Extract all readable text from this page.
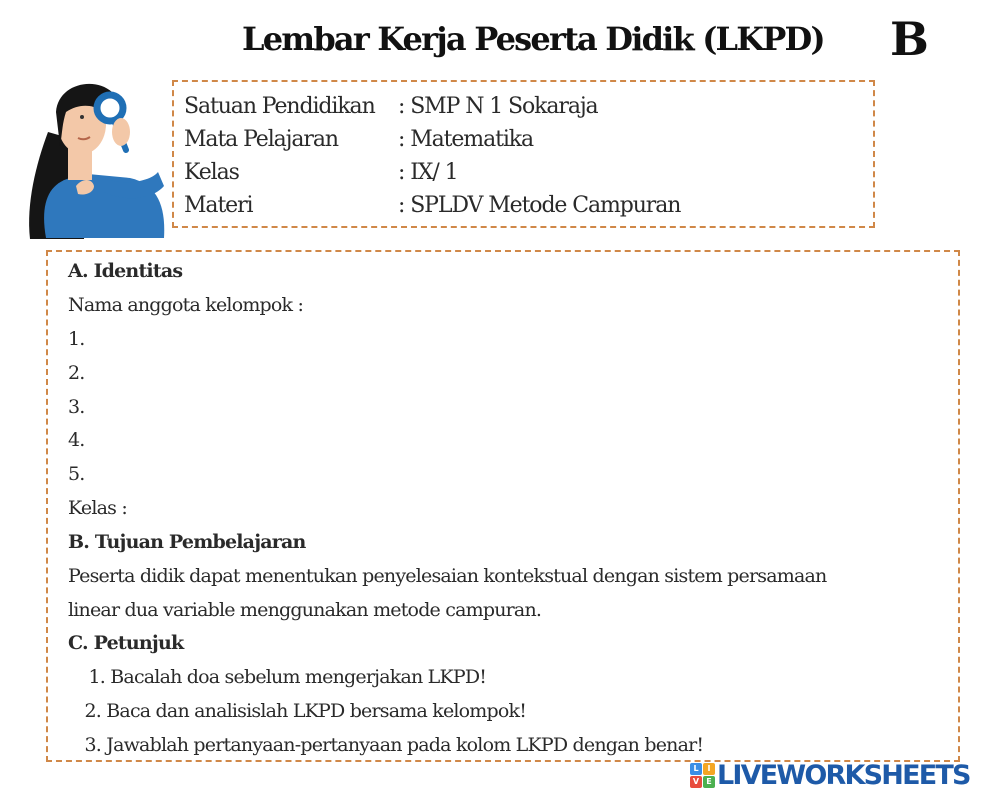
Lembar Kerja Peserta Didik (LKPD) B
Satuan Pendidikan : SMP N 1 Sokaraja
Mata Pelajaran	: Matematika
Kelas	: IX/ 1
Materi	: SPLDV Metode Campuran
A. Identitas
Nama anggota kelompok :
1.
2.
3.
4.
5.
Kelas :
B. Tujuan Pembelajaran
Peserta didik dapat menentukan penyelesaian kontekstual dengan sistem persamaan
linear dua variable menggunakan metode campuran.
C. Petunjuk
1. Bacalah doa sebelum mengerjakan LKPD!
2. Baca dan analisislah LKPD bersama kelompok!
3. Jawablah pertanyaan-pertanyaan pada kolom LKPD dengan benar!
L	I
V E LIVEWORKSHEETS
